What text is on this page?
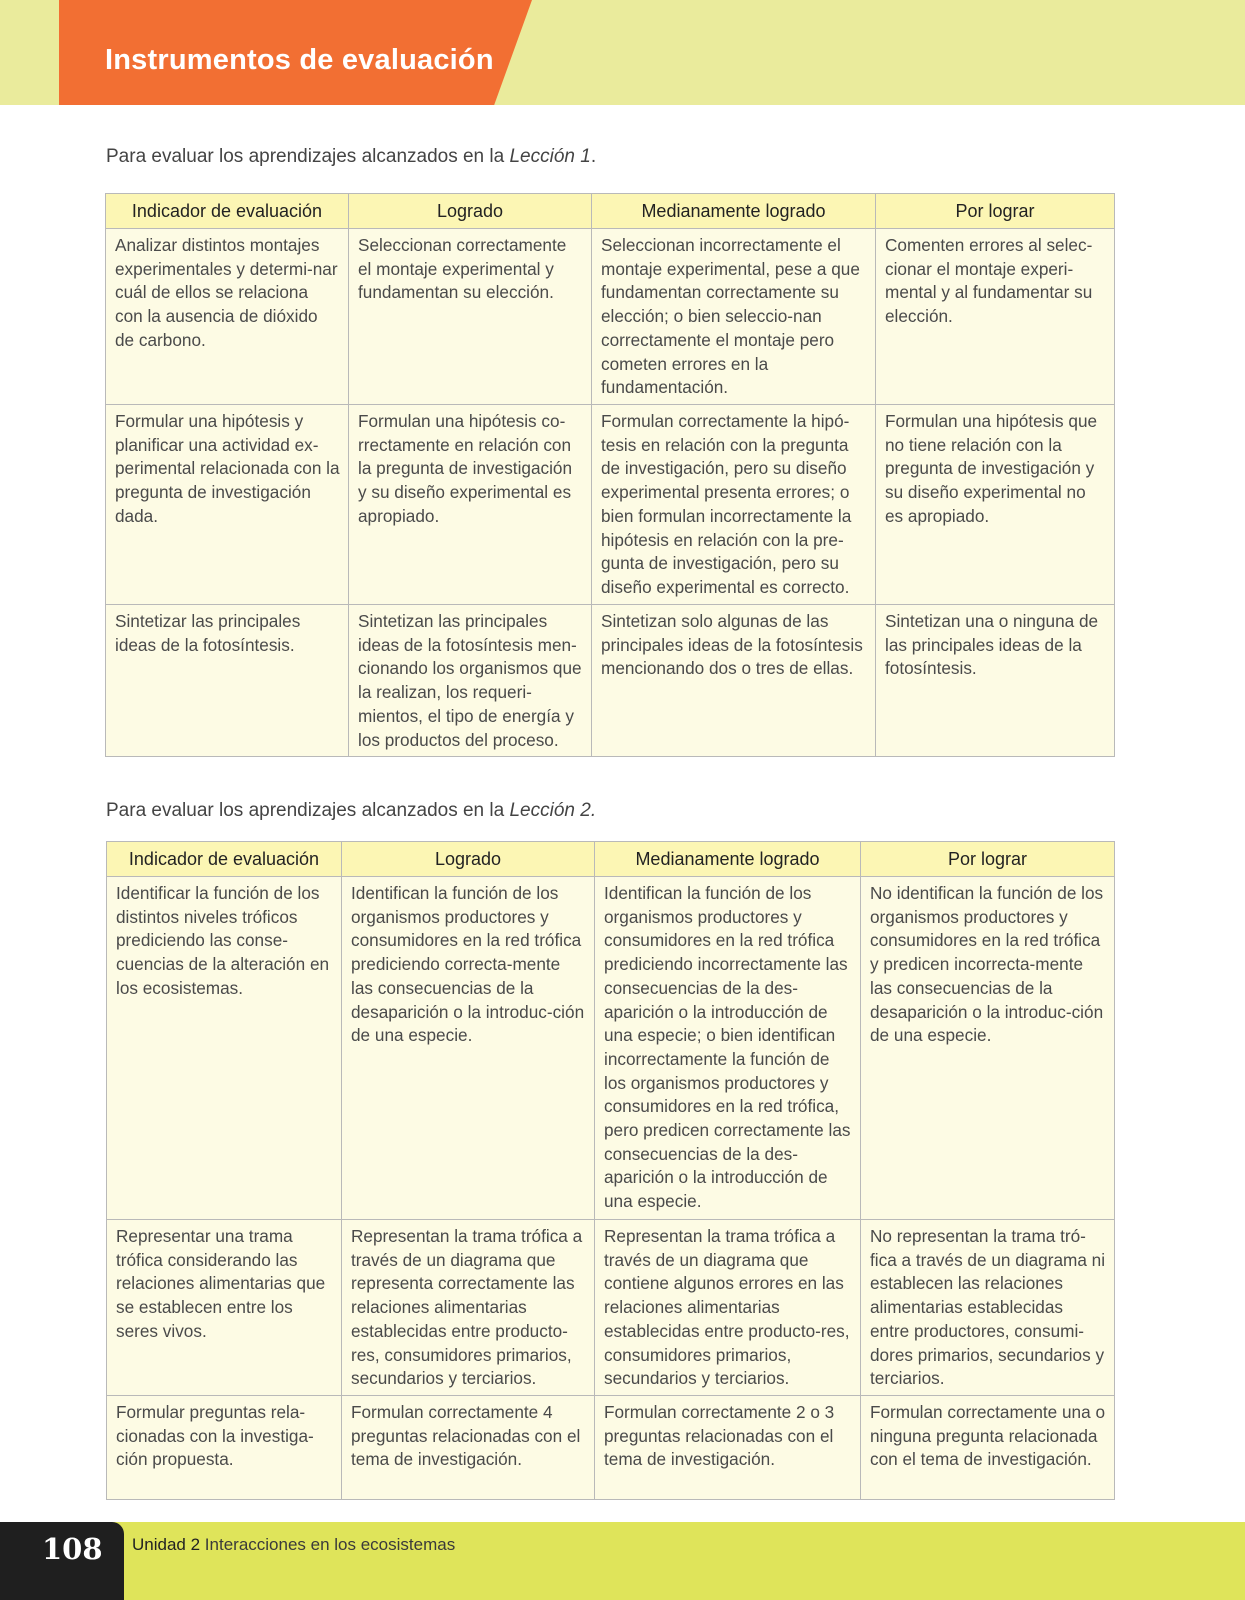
Instrumentos de evaluación
Para evaluar los aprendizajes alcanzados en la Lección 1.
Indicador de evaluación	Logrado	Medianamente logrado	Por lograr
Analizar distintos montajes experimentales y determi-nar cuál de ellos se relaciona con la ausencia de dióxido de carbono.	Seleccionan correctamente el montaje experimental y fundamentan su elección.	Seleccionan incorrectamente el montaje experimental, pese a que fundamentan correctamente su elección; o bien seleccio-nan correctamente el montaje pero cometen errores en la fundamentación.	Comenten errores al selec-cionar el montaje experi-mental y al fundamentar su elección.
Formular una hipótesis y planificar una actividad ex-perimental relacionada con la pregunta de investigación dada.	Formulan una hipótesis co-rrectamente en relación con la pregunta de investigación y su diseño experimental es apropiado.	Formulan correctamente la hipó-tesis en relación con la pregunta de investigación, pero su diseño experimental presenta errores; o bien formulan incorrectamente la hipótesis en relación con la pre-gunta de investigación, pero su diseño experimental es correcto.	Formulan una hipótesis que no tiene relación con la pregunta de investigación y su diseño experimental no es apropiado.
Sintetizar las principales ideas de la fotosíntesis.	Sintetizan las principales ideas de la fotosíntesis men-cionando los organismos que la realizan, los requeri-mientos, el tipo de energía y los productos del proceso.	Sintetizan solo algunas de las principales ideas de la fotosíntesis mencionando dos o tres de ellas.	Sintetizan una o ninguna de las principales ideas de la fotosíntesis.
Para evaluar los aprendizajes alcanzados en la Lección 2.
Indicador de evaluación	Logrado	Medianamente logrado	Por lograr
Identificar la función de los distintos niveles tróficos prediciendo las conse-cuencias de la alteración en los ecosistemas.	Identifican la función de los organismos productores y consumidores en la red trófica prediciendo correcta-mente las consecuencias de la desaparición o la introduc-ción de una especie.	Identifican la función de los organismos productores y consumidores en la red trófica prediciendo incorrectamente las consecuencias de la des-aparición o la introducción de una especie; o bien identifican incorrectamente la función de los organismos productores y consumidores en la red trófica, pero predicen correctamente las consecuencias de la des-aparición o la introducción de una especie.	No identifican la función de los organismos productores y consumidores en la red trófica y predicen incorrecta-mente las consecuencias de la desaparición o la introduc-ción de una especie.
Representar una trama trófica considerando las relaciones alimentarias que se establecen entre los seres vivos.	Representan la trama trófica a través de un diagrama que representa correctamente las relaciones alimentarias establecidas entre producto-res, consumidores primarios, secundarios y terciarios.	Representan la trama trófica a través de un diagrama que contiene algunos errores en las relaciones alimentarias establecidas entre producto-res, consumidores primarios, secundarios y terciarios.	No representan la trama tró-fica a través de un diagrama ni establecen las relaciones alimentarias establecidas entre productores, consumi-dores primarios, secundarios y terciarios.
Formular preguntas rela-cionadas con la investiga-ción propuesta.	Formulan correctamente 4 preguntas relacionadas con el tema de investigación.	Formulan correctamente 2 o 3 preguntas relacionadas con el tema de investigación.	Formulan correctamente una o ninguna pregunta relacionada con el tema de investigación.
108 Unidad 2 Interacciones en los ecosistemas
